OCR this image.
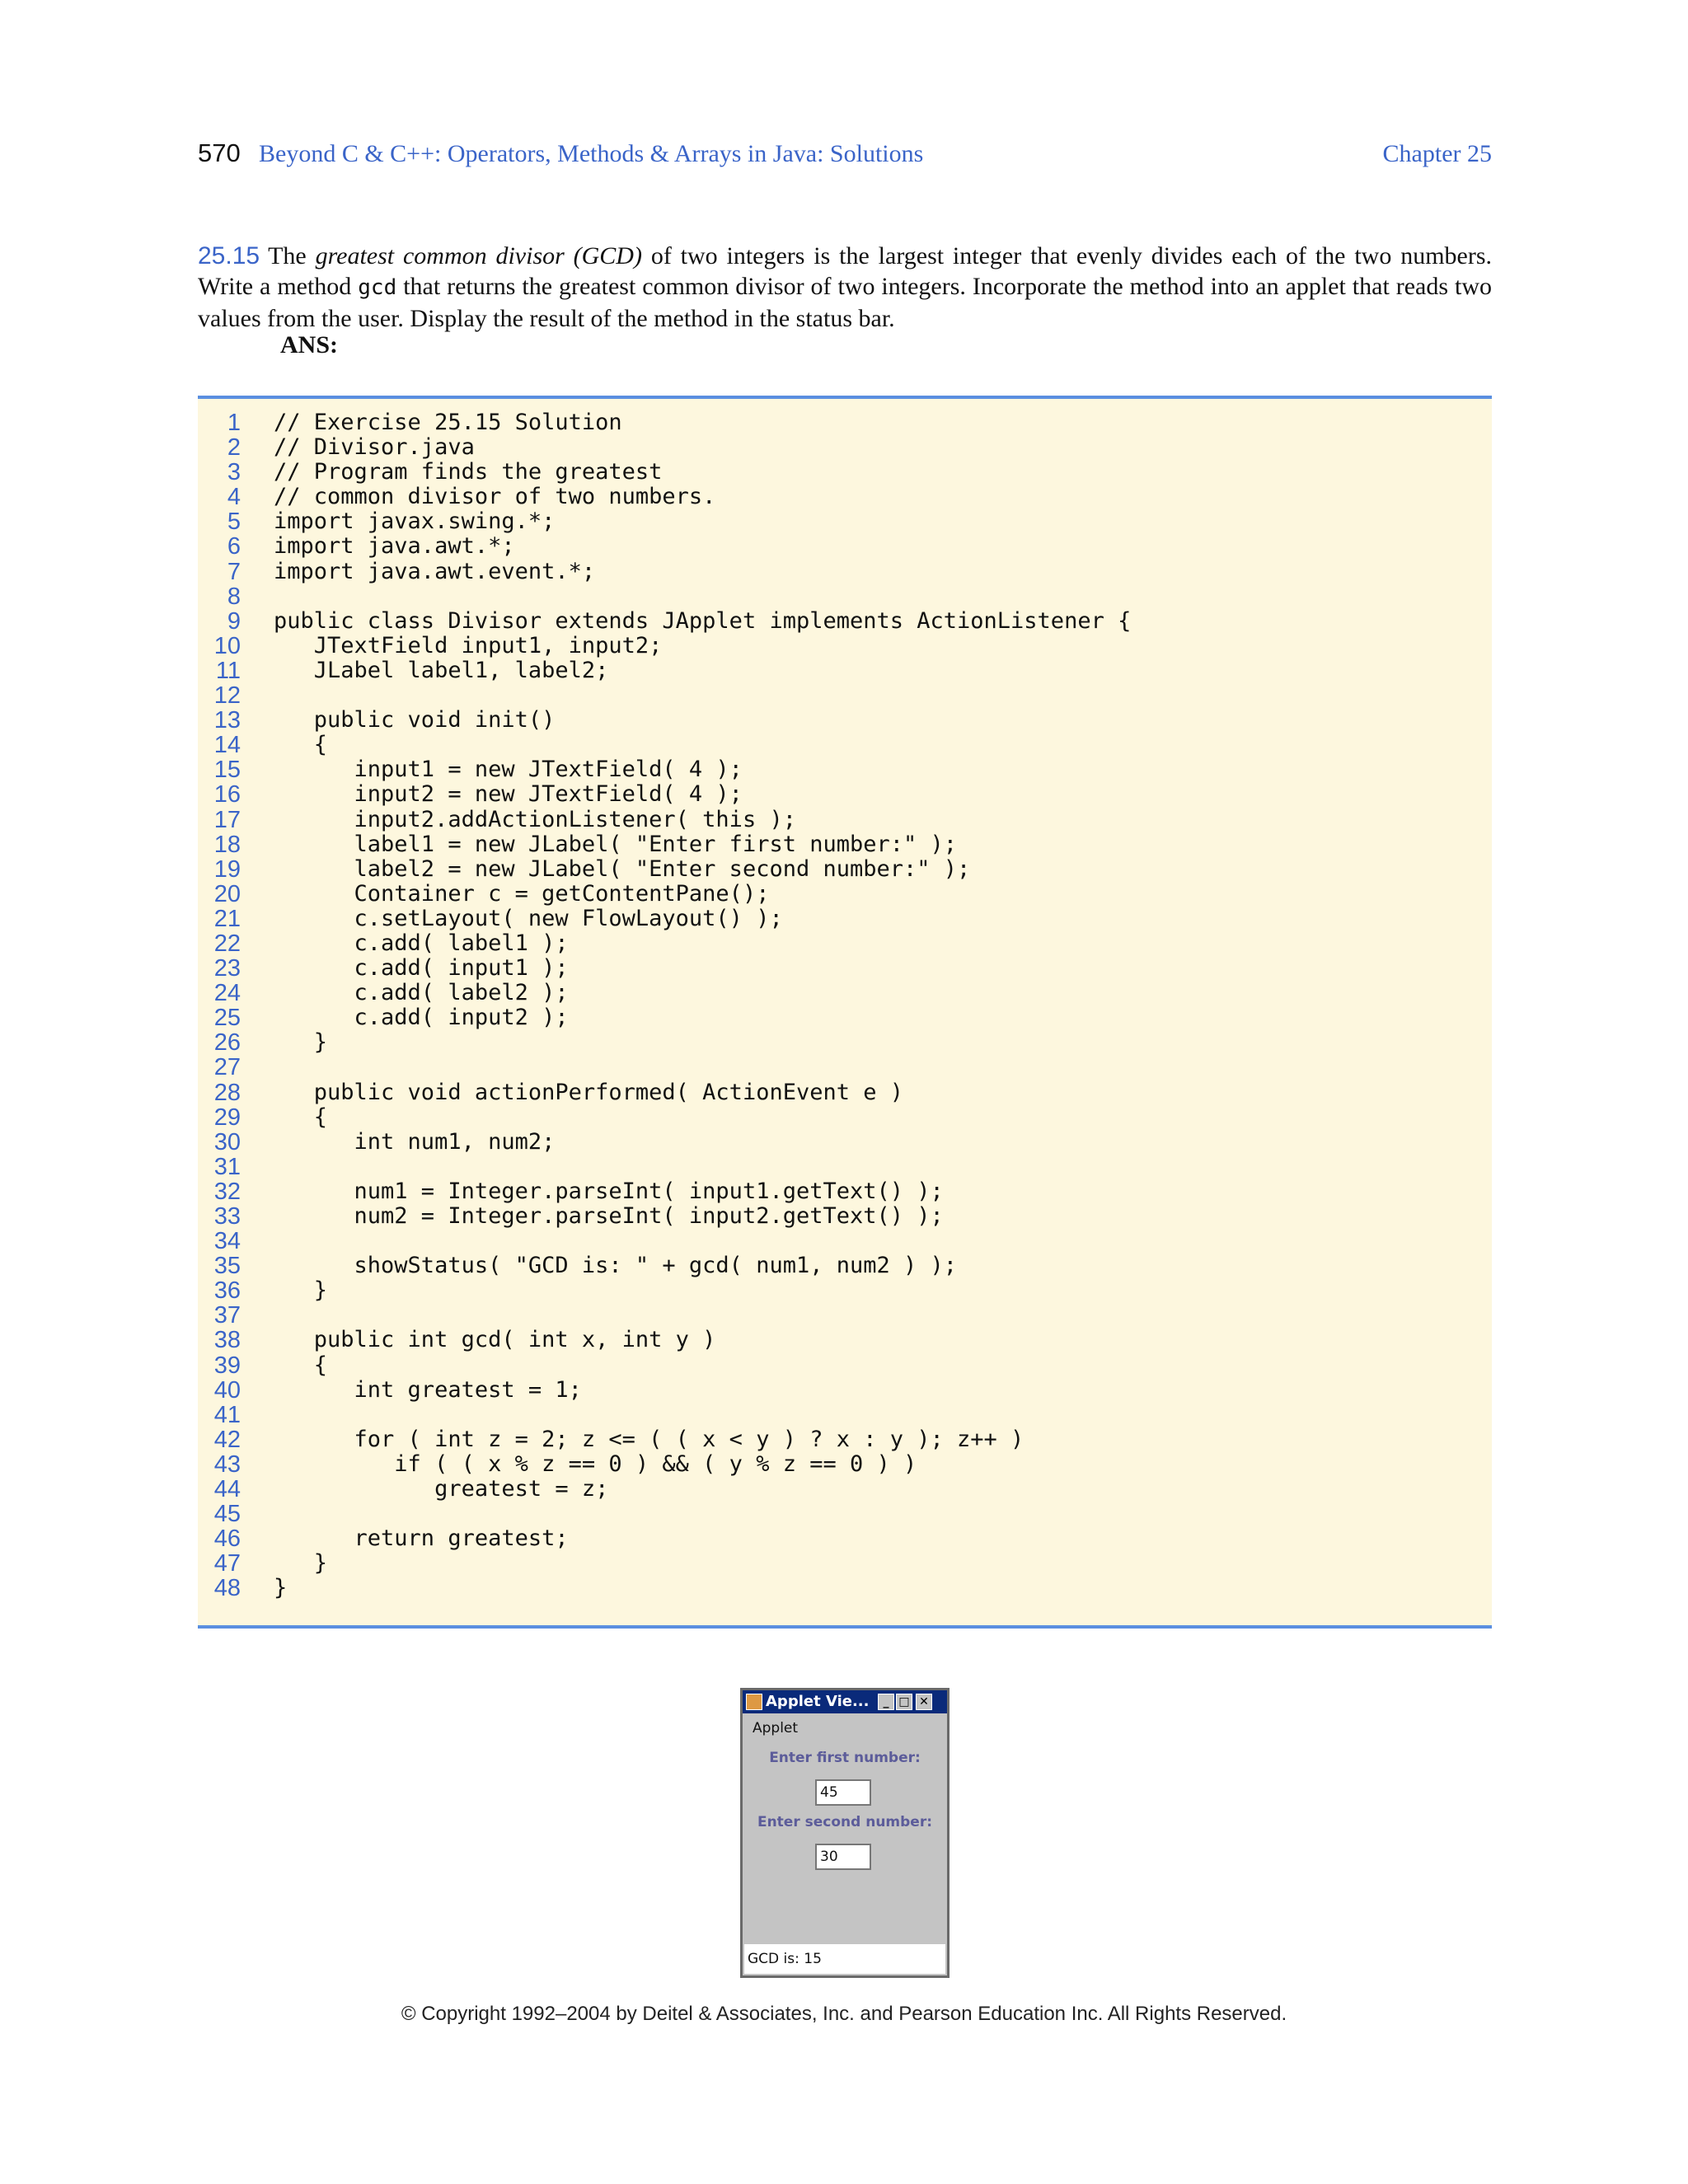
570 Beyond C & C++: Operators, Methods & Arrays in Java: Solutions	Chapter 25
25.15 The greatest common divisor (GCD) of two integers is the largest integer that evenly divides each of the two numbers. Write a method gcd that returns the greatest common divisor of two integers. Incorporate the method into an applet that reads two values from the user. Display the result of the method in the status bar.
ANS:
1 // Exercise 25.15 Solution
2 // Divisor.java
3 // Program finds the greatest
4 // common divisor of two numbers.
5 import javax.swing.*;
6 import java.awt.*;
7 import java.awt.event.*;
8
9 public class Divisor extends JApplet implements ActionListener {
10 JTextField input1, input2;
11 JLabel label1, label2;
12
13 public void init()
14 {
15 input1 = new JTextField( 4 );
16 input2 = new JTextField( 4 );
17 input2.addActionListener( this );
18 label1 = new JLabel( "Enter first number:" );
19 label2 = new JLabel( "Enter second number:" );
20 Container c = getContentPane();
21 c.setLayout( new FlowLayout() );
22 c.add( label1 );
23 c.add( input1 );
24 c.add( label2 );
25 c.add( input2 );
26 }
27
28 public void actionPerformed( ActionEvent e )
29 {
30 int num1, num2;
31
32 num1 = Integer.parseInt( input1.getText() );
33 num2 = Integer.parseInt( input2.getText() );
34
35 showStatus( "GCD is: " + gcd( num1, num2 ) );
36 }
37
38 public int gcd( int x, int y )
39 {
40 int greatest = 1;
41
42 for ( int z = 2; z <= ( ( x < y ) ? x : y ); z++ )
43 if ( ( x % z == 0 ) && ( y % z == 0 ) )
44 greatest = z;
45
46 return greatest;
47 }
48 }
Applet Vie...	_ □ ✕
Applet
Enter first number:
45
Enter second number:
30
GCD is: 15
© Copyright 1992–2004 by Deitel & Associates, Inc. and Pearson Education Inc. All Rights Reserved.
